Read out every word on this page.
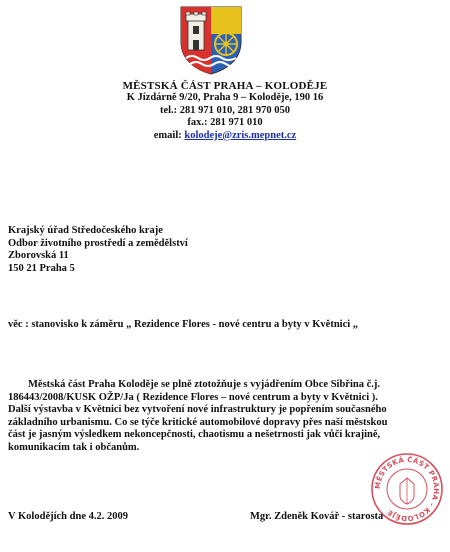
MĚSTSKÁ ČÁST PRAHA – KOLODĚJE
K Jízdárně 9/20, Praha 9 – Koloděje, 190 16
tel.: 281 971 010, 281 970 050
fax.: 281 971 010
email: kolodeje@zris.mepnet.cz
Krajský úřad Středočeského kraje
Odbor životního prostředí a zemědělství
Zborovská 11
150 21 Praha 5
věc : stanovisko k záměru „ Rezidence Flores - nové centru a byty v Květnici „
Městská část Praha Koloděje se plně ztotožňuje s vyjádřením Obce Sibřina č.j.
186443/2008/KUSK OŽP/Ja ( Rezidence Flores – nové centrum a byty v Květnici ).
Další výstavba v Květnici bez vytvoření nové infrastruktury je popřením současného
základního urbanismu. Co se týče kritické automobilové dopravy přes naší městskou
část je jasným výsledkem nekoncepčnosti, chaotismu a nešetrnosti jak vůči krajině,
komunikacím tak i občanům.
MĚSTSKÁ ČÁST PRAHA - KOLODĚJE
V Kolodějích dne 4.2. 2009	Mgr. Zdeněk Kovář - starosta
